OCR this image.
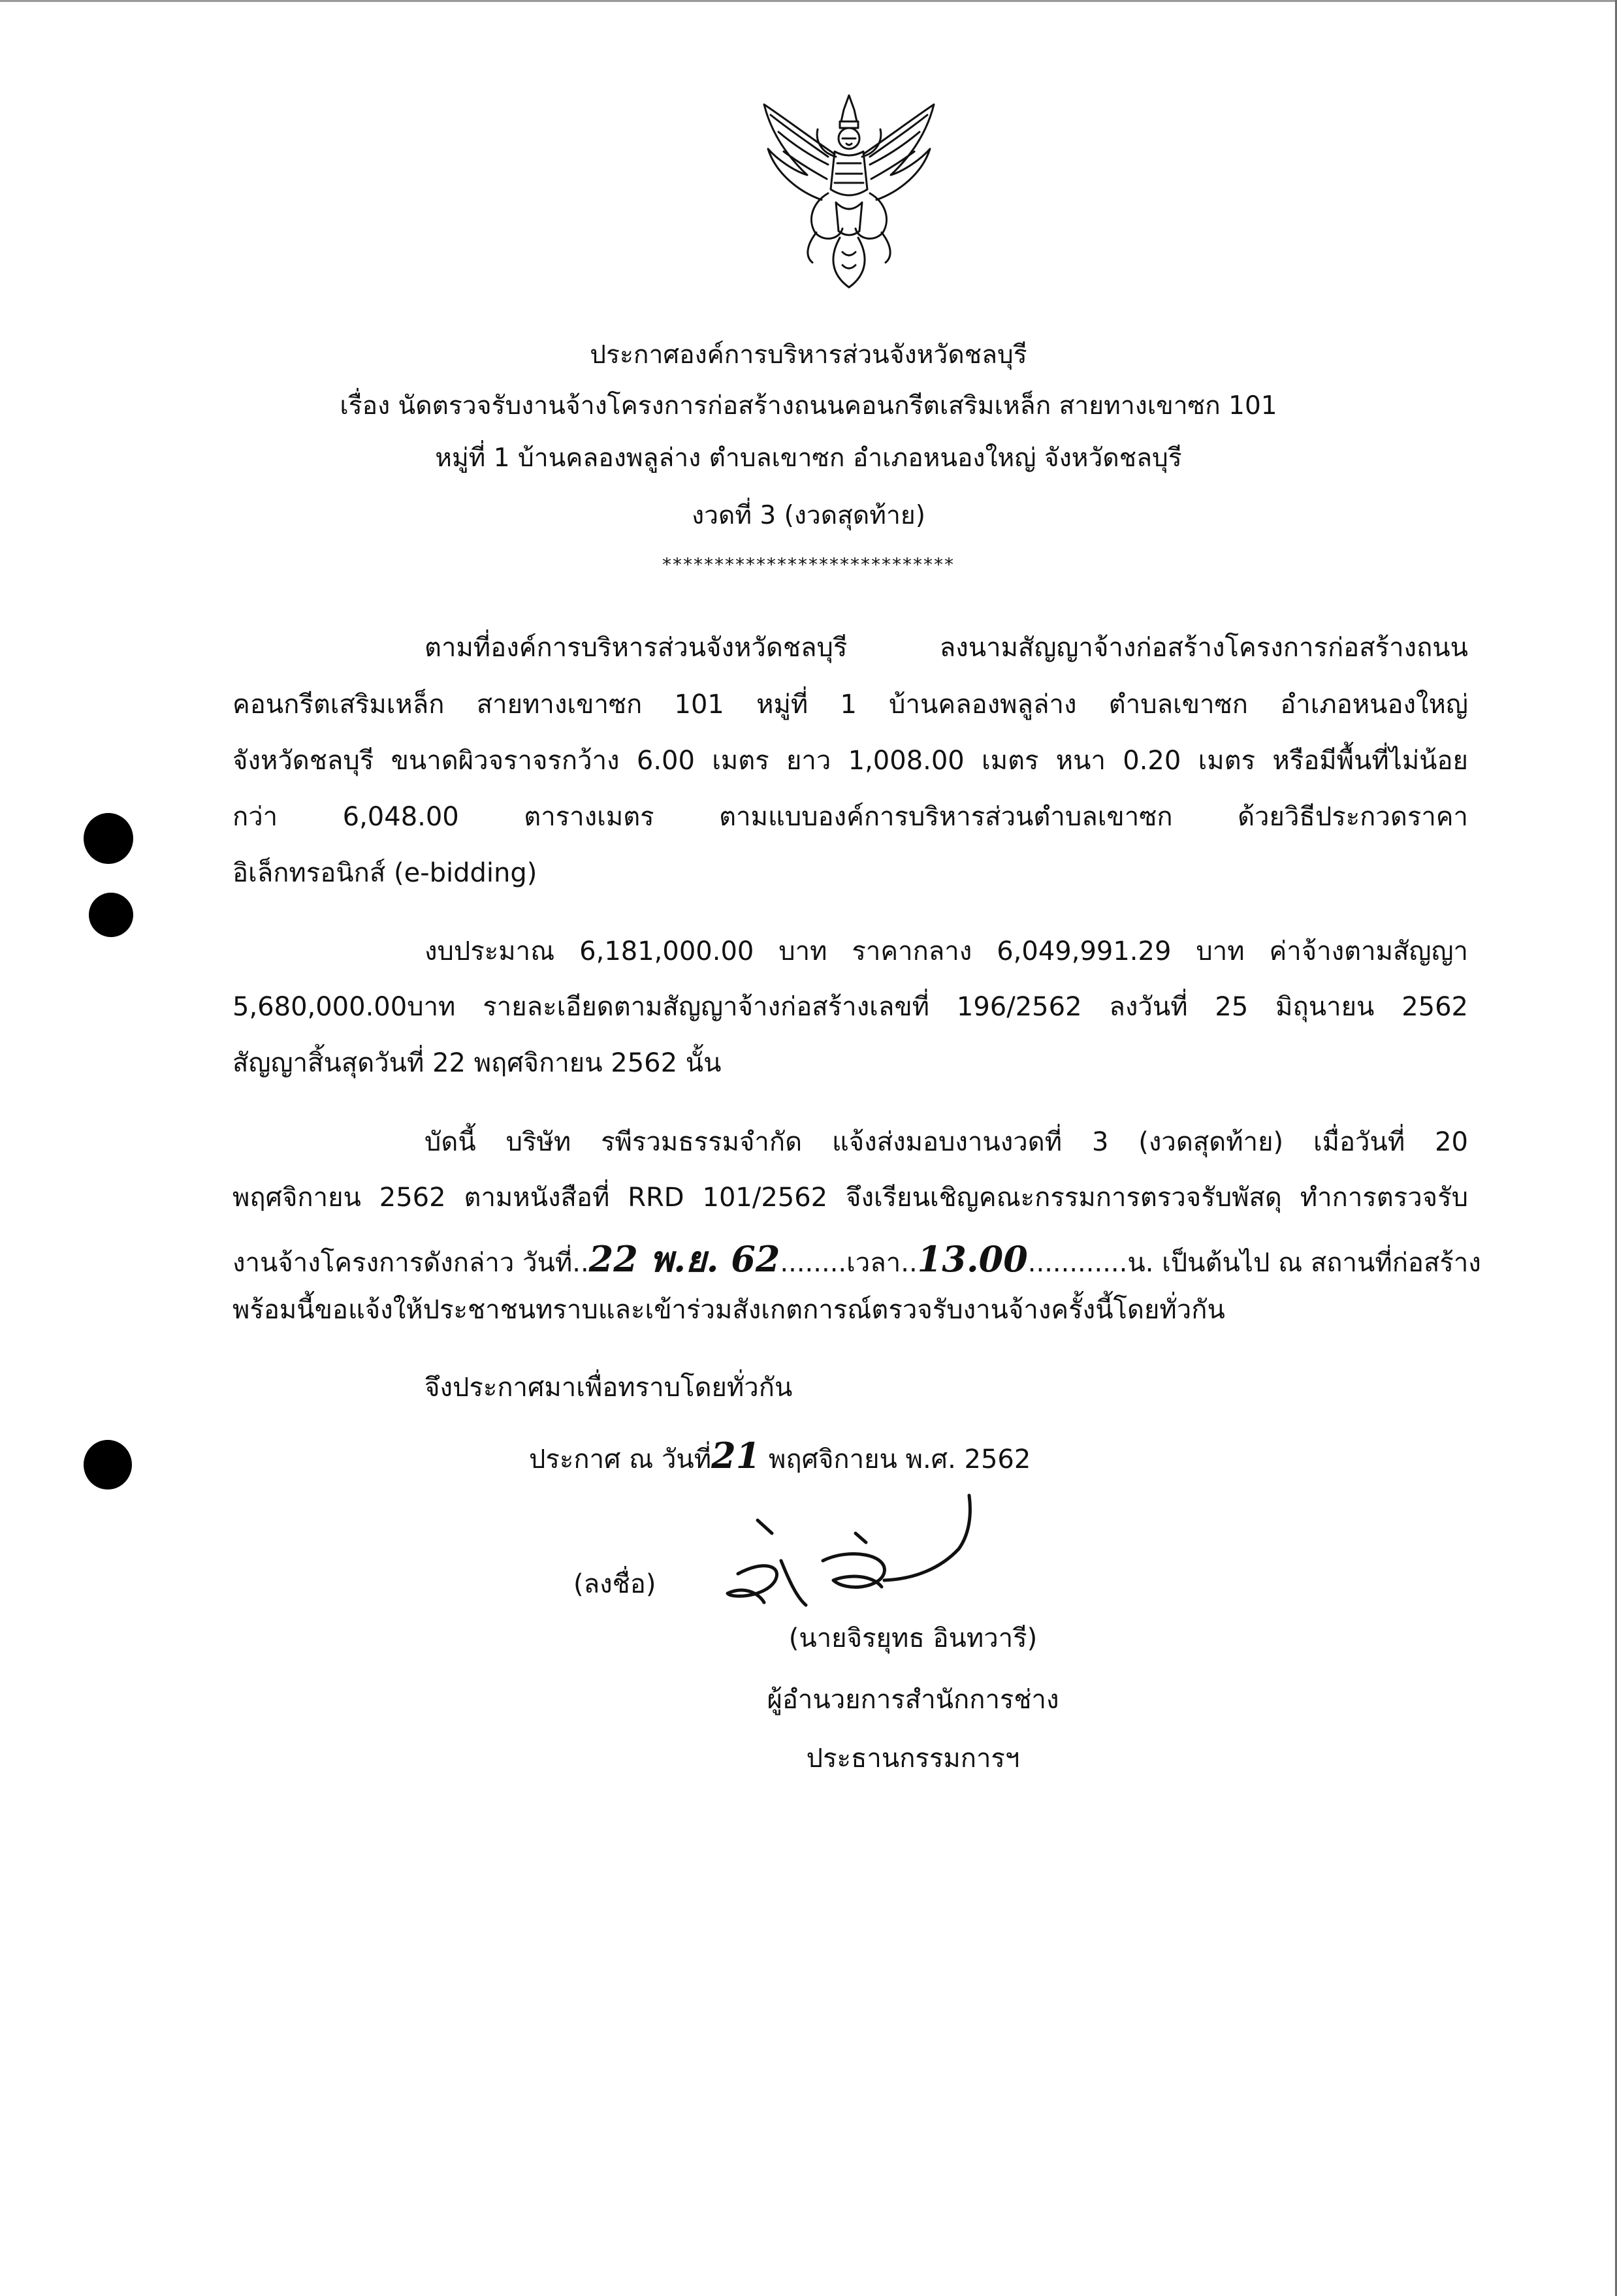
ประกาศองค์การบริหารส่วนจังหวัดชลบุรี
เรื่อง นัดตรวจรับงานจ้างโครงการก่อสร้างถนนคอนกรีตเสริมเหล็ก สายทางเขาซก 101
หมู่ที่ 1 บ้านคลองพลูล่าง ตำบลเขาซก อำเภอหนองใหญ่ จังหวัดชลบุรี
งวดที่ 3 (งวดสุดท้าย)
****************************
ตามที่องค์การบริหารส่วนจังหวัดชลบุรี ลงนามสัญญาจ้างก่อสร้างโครงการก่อสร้างถนน
คอนกรีตเสริมเหล็ก สายทางเขาซก 101 หมู่ที่ 1 บ้านคลองพลูล่าง ตำบลเขาซก อำเภอหนองใหญ่
จังหวัดชลบุรี ขนาดผิวจราจรกว้าง 6.00 เมตร ยาว 1,008.00 เมตร หนา 0.20 เมตร หรือมีพื้นที่ไม่น้อย
กว่า 6,048.00 ตารางเมตร ตามแบบองค์การบริหารส่วนตำบลเขาซก ด้วยวิธีประกวดราคา
อิเล็กทรอนิกส์ (e-bidding)
งบประมาณ 6,181,000.00 บาท ราคากลาง 6,049,991.29 บาท ค่าจ้างตามสัญญา
5,680,000.00บาท รายละเอียดตามสัญญาจ้างก่อสร้างเลขที่ 196/2562 ลงวันที่ 25 มิถุนายน 2562
สัญญาสิ้นสุดวันที่ 22 พฤศจิกายน 2562 นั้น
บัดนี้ บริษัท รพีรวมธรรมจำกัด แจ้งส่งมอบงานงวดที่ 3 (งวดสุดท้าย) เมื่อวันที่ 20
พฤศจิกายน 2562 ตามหนังสือที่ RRD 101/2562 จึงเรียนเชิญคณะกรรมการตรวจรับพัสดุ ทำการตรวจรับ
งานจ้างโครงการดังกล่าว วันที่..22 พ.ย. 62........เวลา..13.00............น. เป็นต้นไป ณ สถานที่ก่อสร้าง
พร้อมนี้ขอแจ้งให้ประชาชนทราบและเข้าร่วมสังเกตการณ์ตรวจรับงานจ้างครั้งนี้โดยทั่วกัน
จึงประกาศมาเพื่อทราบโดยทั่วกัน
ประกาศ ณ วันที่21 พฤศจิกายน พ.ศ. 2562
(ลงชื่อ)
(นายจิรยุทธ อินทวารี)
ผู้อำนวยการสำนักการช่าง
ประธานกรรมการฯ
